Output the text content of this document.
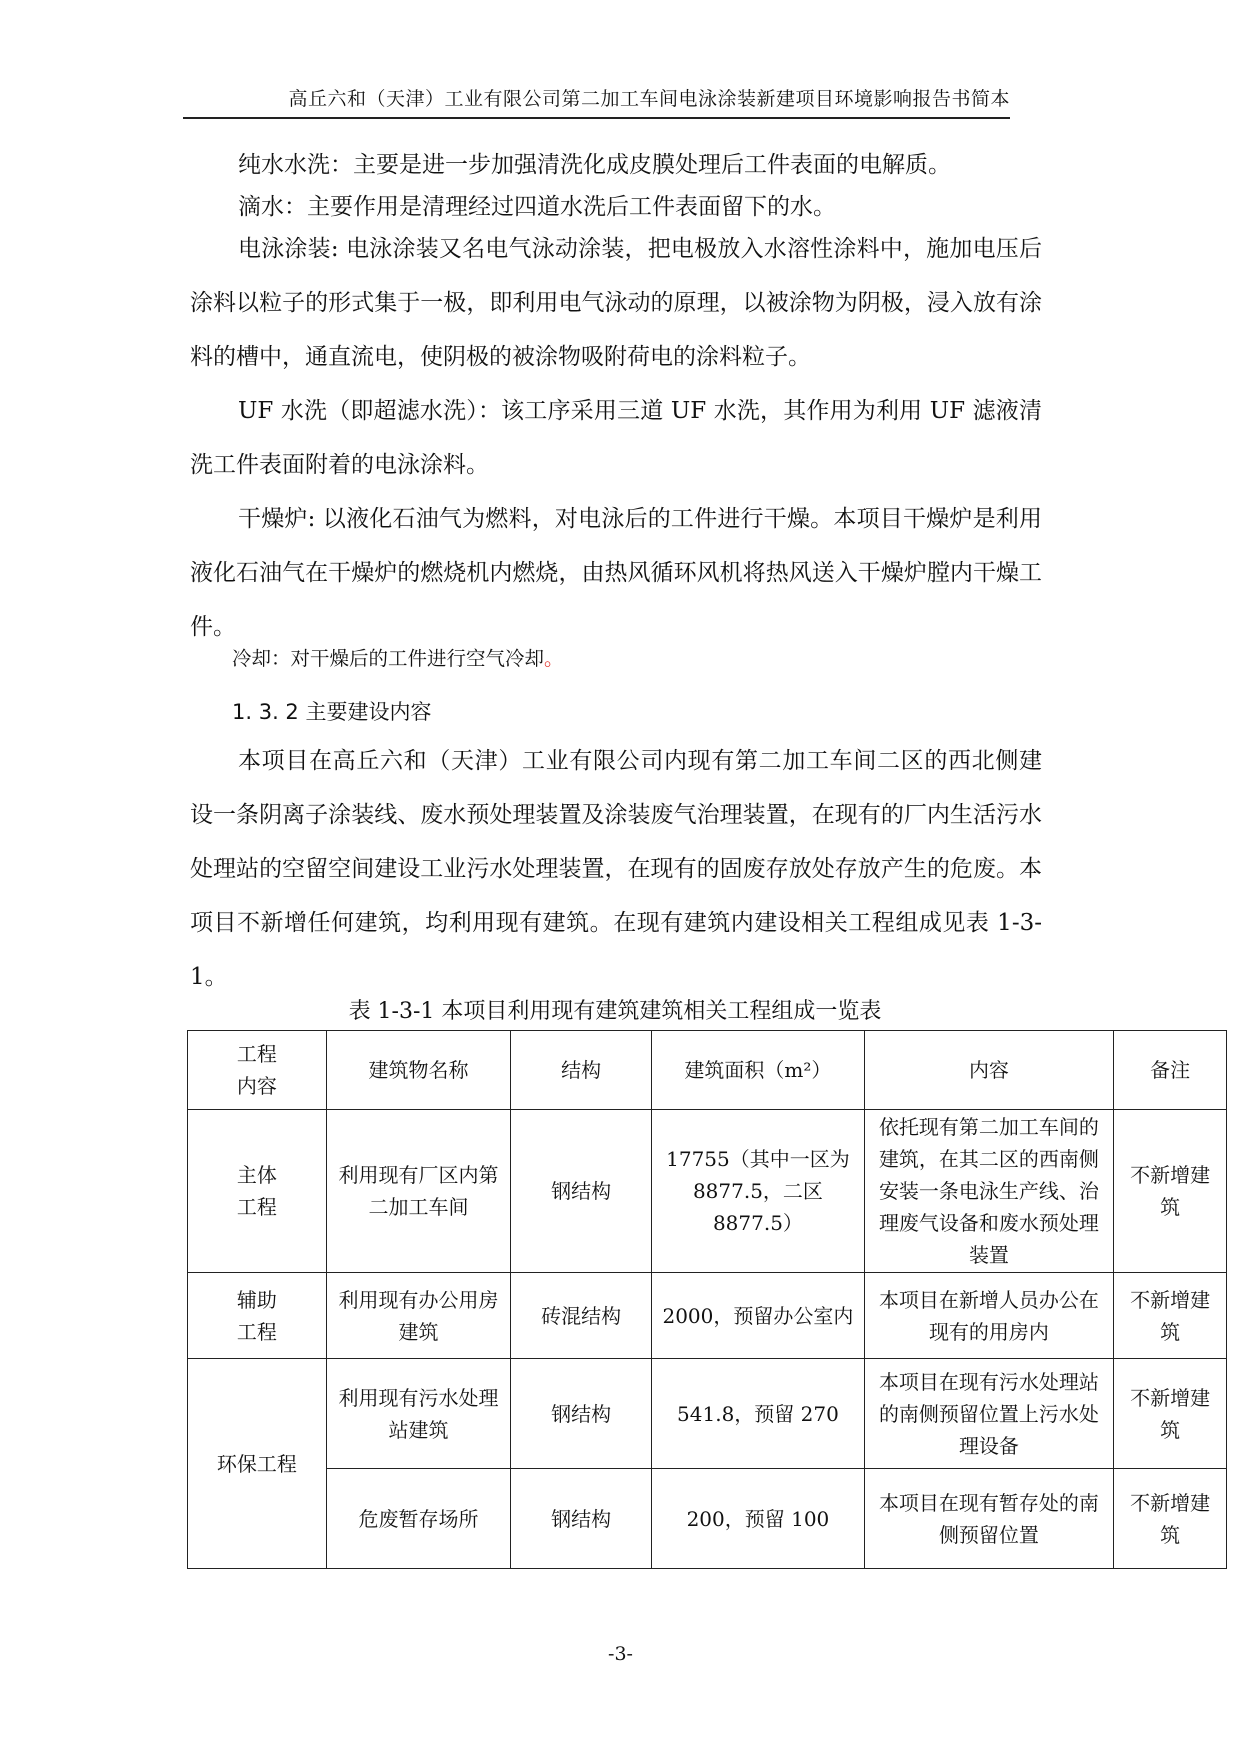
高丘六和（天津）工业有限公司第二加工车间电泳涂装新建项目环境影响报告书简本
纯水水洗：主要是进一步加强清洗化成皮膜处理后工件表面的电解质。
滴水：主要作用是清理经过四道水洗后工件表面留下的水。
电泳涂装: 电泳涂装又名电气泳动涂装，把电极放入水溶性涂料中，施加电压后涂料以粒子的形式集于一极，即利用电气泳动的原理，以被涂物为阴极，浸入放有涂料的槽中，通直流电，使阴极的被涂物吸附荷电的涂料粒子。
UF 水洗（即超滤水洗）：该工序采用三道 UF 水洗，其作用为利用 UF 滤液清洗工件表面附着的电泳涂料。
干燥炉: 以液化石油气为燃料，对电泳后的工件进行干燥。本项目干燥炉是利用液化石油气在干燥炉的燃烧机内燃烧，由热风循环风机将热风送入干燥炉膛内干燥工件。
冷却：对干燥后的工件进行空气冷却。
1. 3. 2 主要建设内容
本项目在高丘六和（天津）工业有限公司内现有第二加工车间二区的西北侧建设一条阴离子涂装线、废水预处理装置及涂装废气治理装置，在现有的厂内生活污水处理站的空留空间建设工业污水处理装置，在现有的固废存放处存放产生的危废。本项目不新增任何建筑，均利用现有建筑。在现有建筑内建设相关工程组成见表 1-3-1。
表 1-3-1 本项目利用现有建筑建筑相关工程组成一览表
工程内容	建筑物名称	结构	建筑面积（m²）	内容	备注

主体工程	利用现有厂区内第二加工车间	钢结构	17755（其中一区为 8877.5，二区 8877.5）	依托现有第二加工车间的建筑，在其二区的西南侧安装一条电泳生产线、治理废气设备和废水预处理装置	不新增建筑

辅助工程	利用现有办公用房建筑	砖混结构	2000，预留办公室内	本项目在新增人员办公在现有的用房内	不新增建筑
环保工程	利用现有污水处理站建筑	钢结构	541.8，预留 270	本项目在现有污水处理站的南侧预留位置上污水处理设备	不新增建筑
	危废暂存场所	钢结构	200，预留 100	本项目在现有暂存处的南侧预留位置	不新增建筑
-3-
